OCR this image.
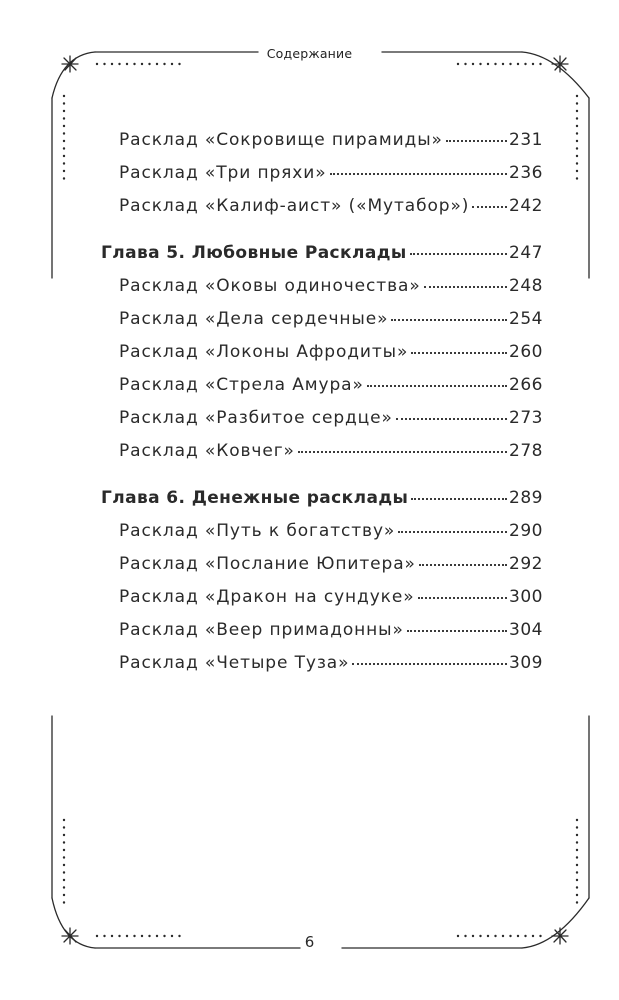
Содержание
Расклад «Сокровище пирамиды»	231
Расклад «Три пряхи»	236
Расклад «Калиф-аист» («Мутабор») 242
Глава 5. Любовные Расклады	247
Расклад «Оковы одиночества»	248
Расклад «Дела сердечные»	254
Расклад «Локоны Афродиты»	260
Расклад «Стрела Амура»	266
Расклад «Разбитое сердце»	273
Расклад «Ковчег»	278
Глава 6. Денежные расклады	289
Расклад «Путь к богатству»	290
Расклад «Послание Юпитера»	292
Расклад «Дракон на сундуке»	300
Расклад «Веер примадонны»	304
Расклад «Четыре Туза»	309
6
